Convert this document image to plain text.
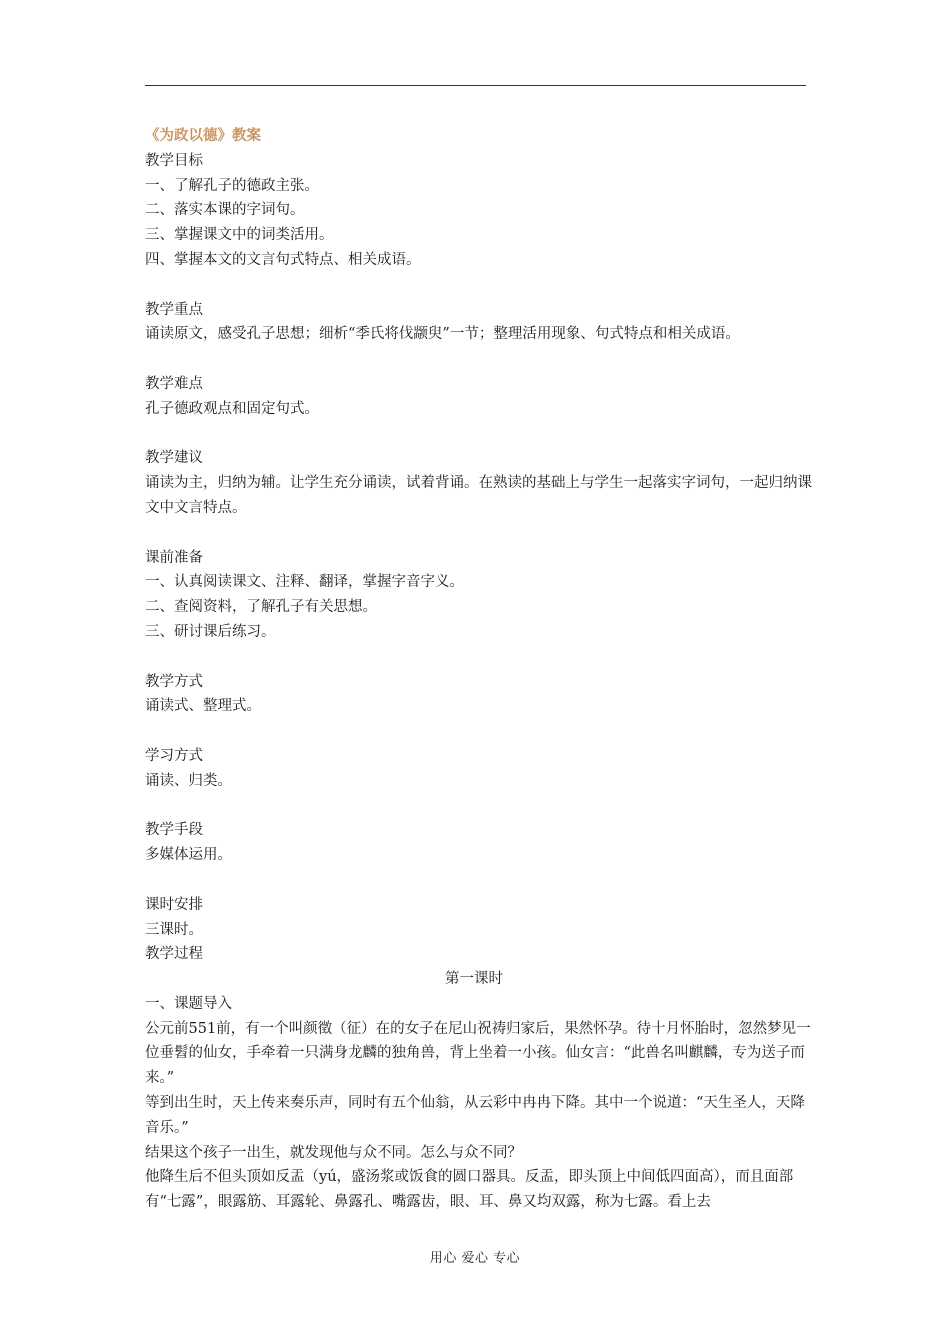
《为政以德》教案
教学目标
一、了解孔子的德政主张。
二、落实本课的字词句。
三、掌握课文中的词类活用。
四、掌握本文的文言句式特点、相关成语。
教学重点
诵读原文，感受孔子思想；细析“季氏将伐颛臾”一节；整理活用现象、句式特点和相关成语。
教学难点
孔子德政观点和固定句式。
教学建议
诵读为主，归纳为辅。让学生充分诵读，试着背诵。在熟读的基础上与学生一起落实字词句，一起归纳课文中文言特点。
课前准备
一、认真阅读课文、注释、翻译，掌握字音字义。
二、查阅资料，了解孔子有关思想。
三、研讨课后练习。
教学方式
诵读式、整理式。
学习方式
诵读、归类。
教学手段
多媒体运用。
课时安排
三课时。
教学过程
第一课时
一、课题导入
公元前551前，有一个叫颜徵（征）在的女子在尼山祝祷归家后，果然怀孕。待十月怀胎时，忽然梦见一位垂髫的仙女，手牵着一只满身龙麟的独角兽，背上坐着一小孩。仙女言：“此兽名叫麒麟，专为送子而来。”
等到出生时，天上传来奏乐声，同时有五个仙翁，从云彩中冉冉下降。其中一个说道：“天生圣人，天降音乐。”
结果这个孩子一出生，就发现他与众不同。怎么与众不同？
他降生后不但头顶如反盂（yú，盛汤浆或饭食的圆口器具。反盂，即头顶上中间低四面高），而且面部有“七露”，眼露筋、耳露轮、鼻露孔、嘴露齿，眼、耳、鼻又均双露，称为七露。看上去
用心 爱心 专心
